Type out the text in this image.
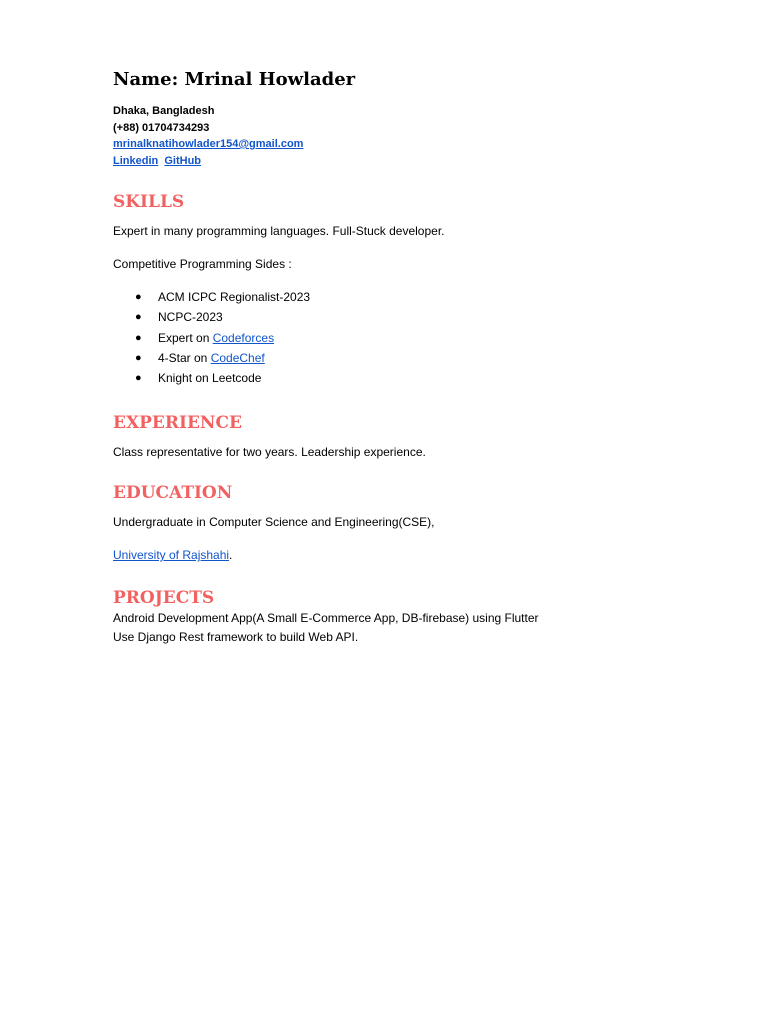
Name: Mrinal Howlader
Dhaka, Bangladesh
(+88) 01704734293
mrinalknatihowlader154@gmail.com
Linkedin GitHub
SKILLS

Expert in many programming languages. Full-Stuck developer.

Competitive Programming Sides :

● ACM ICPC Regionalist-2023
● NCPC-2023
● Expert on Codeforces
● 4-Star on CodeChef
● Knight on Leetcode
EXPERIENCE

Class representative for two years. Leadership experience.

EDUCATION

Undergraduate in Computer Science and Engineering(CSE),

University of Rajshahi.

PROJECTS

Android Development App(A Small E-Commerce App, DB-firebase) using Flutter

Use Django Rest framework to build Web API.
